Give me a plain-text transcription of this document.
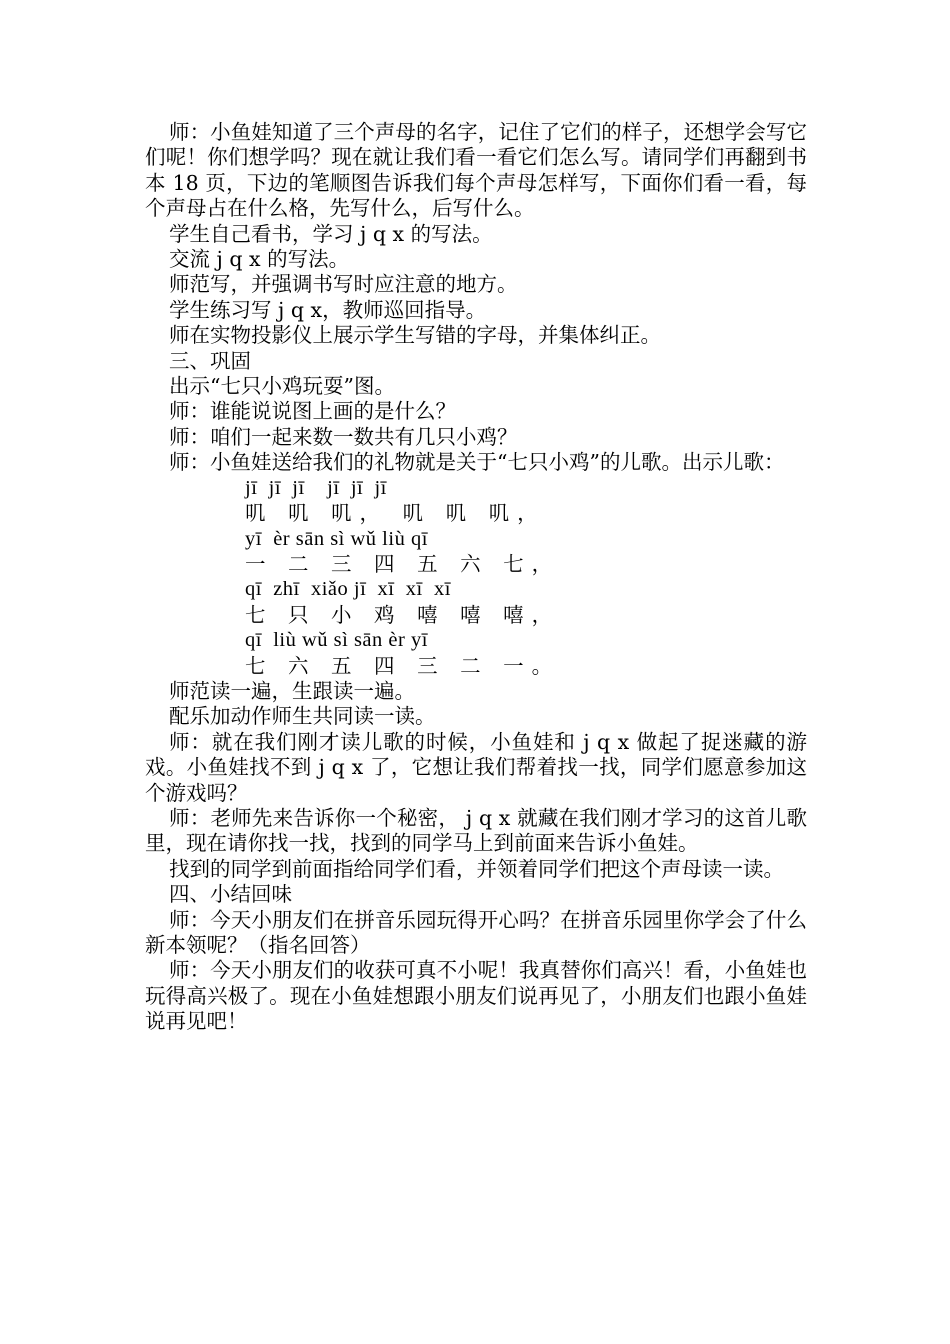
师：小鱼娃知道了三个声母的名字，记住了它们的样子，还想学会写它们呢！你们想学吗？现在就让我们看一看它们怎么写。请同学们再翻到书本 18 页，下边的笔顺图告诉我们每个声母怎样写，下面你们看一看，每个声母占在什么格，先写什么，后写什么。

学生自己看书，学习 j q x 的写法。

交流 j q x 的写法。

师范写，并强调书写时应注意的地方。

学生练习写 j q x，教师巡回指导。

师在实物投影仪上展示学生写错的字母，并集体纠正。

三、巩固

出示“七只小鸡玩耍”图。

师：谁能说说图上画的是什么？

师：咱们一起来数一数共有几只小鸡？

师：小鱼娃送给我们的礼物就是关于“七只小鸡”的儿歌。出示儿歌：

jī  jī  jī    jī  jī  jī
叽 叽 叽， 叽 叽 叽，
yī  èr sān sì wǔ liù qī
一 二 三 四 五 六 七，
qī  zhī  xiǎo jī  xī  xī  xī
七 只 小 鸡 嘻 嘻 嘻，
qī  liù wǔ sì sān èr yī
七 六 五 四 三 二 一。

师范读一遍，生跟读一遍。

配乐加动作师生共同读一读。

师：就在我们刚才读儿歌的时候，小鱼娃和 j q x 做起了捉迷藏的游戏。小鱼娃找不到 j q x 了，它想让我们帮着找一找，同学们愿意参加这个游戏吗？

师：老师先来告诉你一个秘密， j q x 就藏在我们刚才学习的这首儿歌里，现在请你找一找，找到的同学马上到前面来告诉小鱼娃。

找到的同学到前面指给同学们看，并领着同学们把这个声母读一读。

四、小结回味

师：今天小朋友们在拼音乐园玩得开心吗？在拼音乐园里你学会了什么新本领呢？（指名回答）

师：今天小朋友们的收获可真不小呢！我真替你们高兴！看，小鱼娃也玩得高兴极了。现在小鱼娃想跟小朋友们说再见了，小朋友们也跟小鱼娃说再见吧！
